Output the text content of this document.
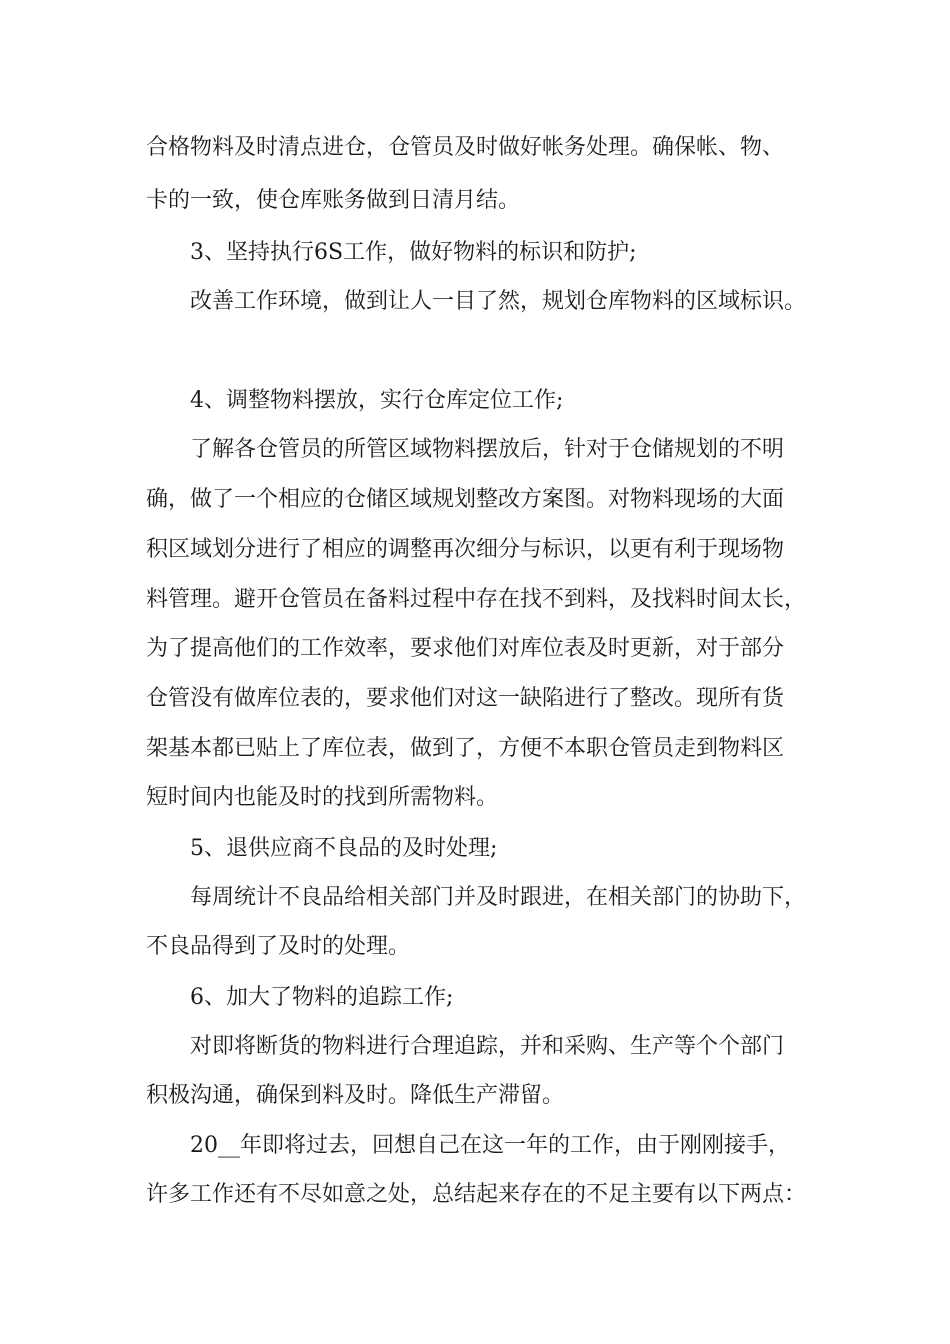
合格物料及时清点进仓，仓管员及时做好帐务处理。确保帐、物、
卡的一致，使仓库账务做到日清月结。
3、坚持执行6S工作，做好物料的标识和防护;
改善工作环境，做到让人一目了然，规划仓库物料的区域标识。
4、调整物料摆放，实行仓库定位工作;
了解各仓管员的所管区域物料摆放后，针对于仓储规划的不明
确，做了一个相应的仓储区域规划整改方案图。对物料现场的大面
积区域划分进行了相应的调整再次细分与标识，以更有利于现场物
料管理。避开仓管员在备料过程中存在找不到料，及找料时间太长，
为了提高他们的工作效率，要求他们对库位表及时更新，对于部分
仓管没有做库位表的，要求他们对这一缺陷进行了整改。现所有货
架基本都已贴上了库位表，做到了，方便不本职仓管员走到物料区
短时间内也能及时的找到所需物料。
5、退供应商不良品的及时处理;
每周统计不良品给相关部门并及时跟进，在相关部门的协助下，
不良品得到了及时的处理。
6、加大了物料的追踪工作;
对即将断货的物料进行合理追踪，并和采购、生产等个个部门
积极沟通，确保到料及时。降低生产滞留。
20__年即将过去，回想自己在这一年的工作，由于刚刚接手，
许多工作还有不尽如意之处，总结起来存在的不足主要有以下两点：
